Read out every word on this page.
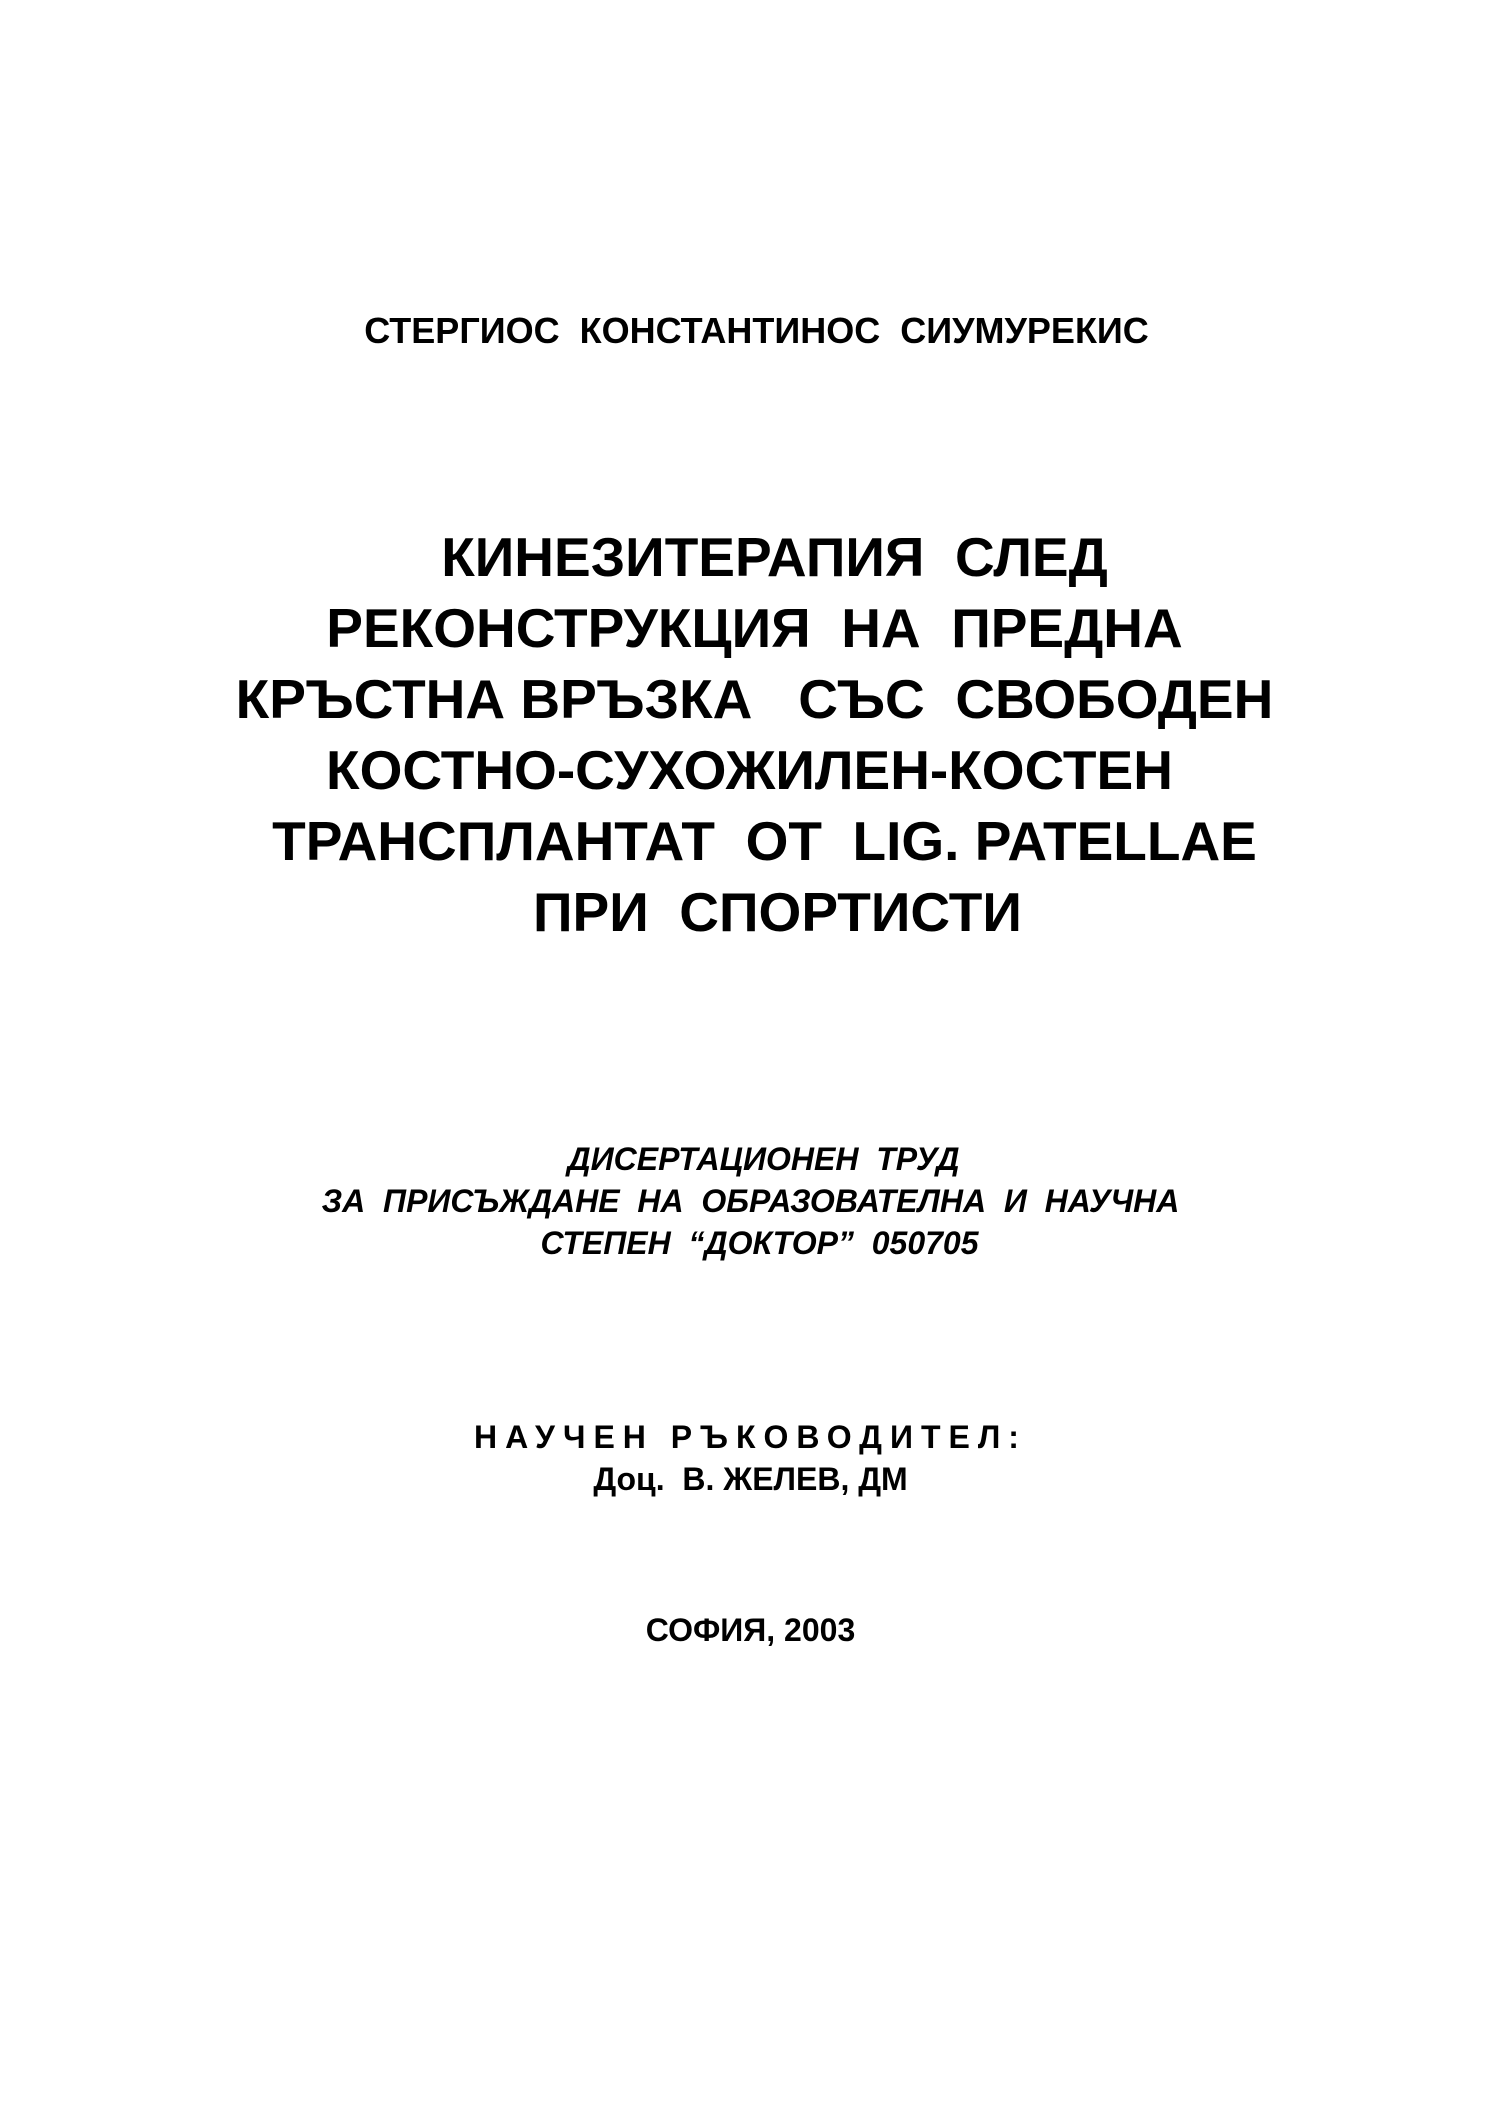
СТЕРГИОС  КОНСТАНТИНОС  СИУМУРЕКИС
КИНЕЗИТЕРАПИЯ  СЛЕД
РЕКОНСТРУКЦИЯ  НА  ПРЕДНА
КРЪСТНА ВРЪЗКА   СЪС  СВОБОДЕН
КОСТНО-СУХОЖИЛЕН-КОСТЕН
ТРАНСПЛАНТАТ  ОТ  LIG. PATELLAE
ПРИ  СПОРТИСТИ
ДИСЕРТАЦИОНЕН  ТРУД
ЗА  ПРИСЪЖДАНЕ  НА  ОБРАЗОВАТЕЛНА  И  НАУЧНА
СТЕПЕН  “ДОКТОР”  050705
НАУЧЕН РЪКОВОДИТЕЛ:
Доц.  В. ЖЕЛЕВ, ДМ
СОФИЯ, 2003
